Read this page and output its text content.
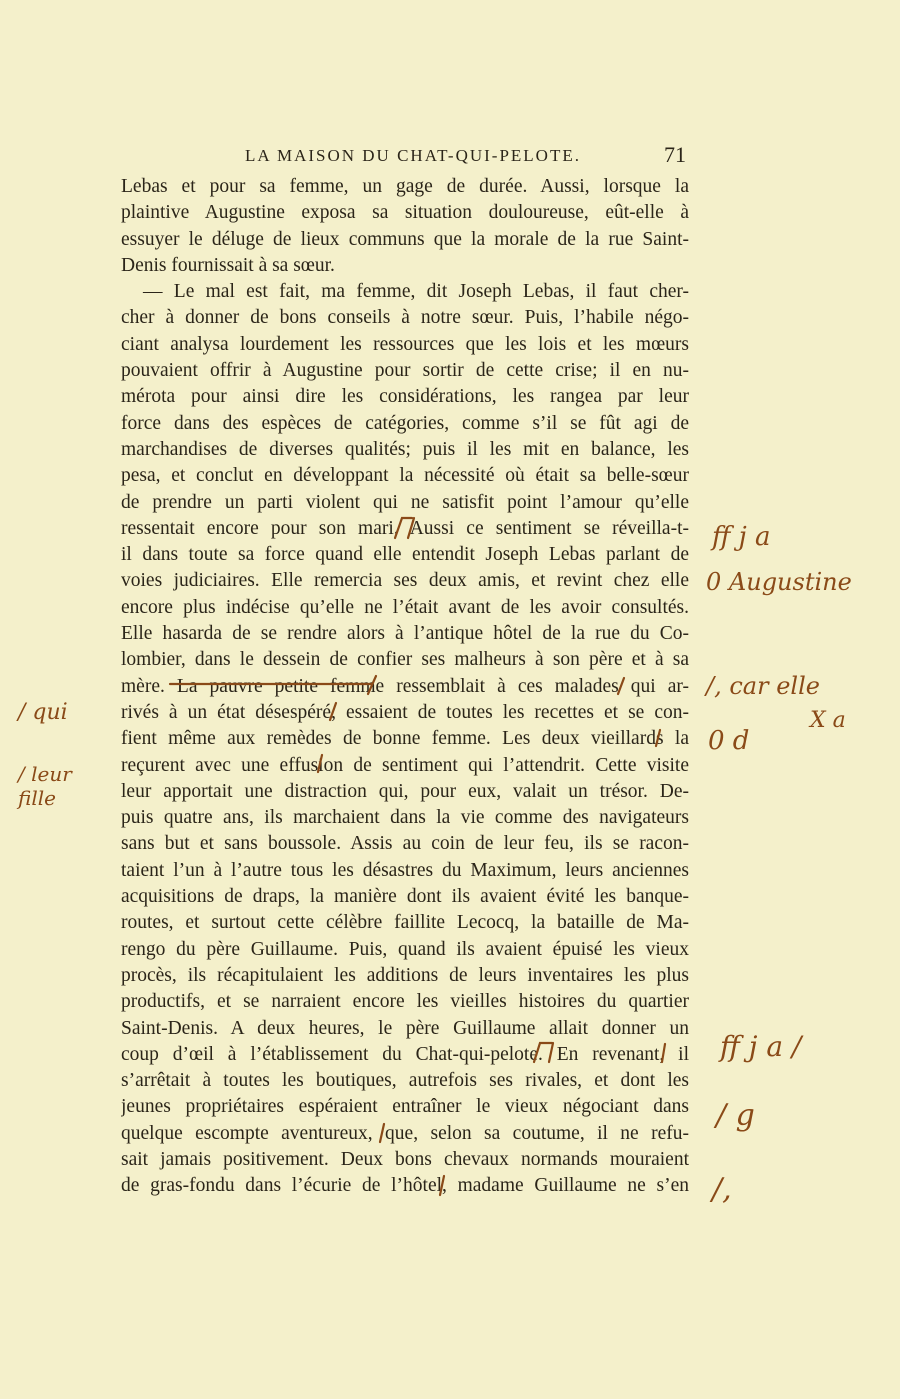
LA MAISON DU CHAT-QUI-PELOTE.	71
Lebas et pour sa femme, un gage de durée. Aussi, lorsque la
plaintive Augustine exposa sa situation douloureuse, eût-elle à
essuyer le déluge de lieux communs que la morale de la rue Saint-
Denis fournissait à sa sœur.
— Le mal est fait, ma femme, dit Joseph Lebas, il faut cher-
cher à donner de bons conseils à notre sœur. Puis, l’habile négo-
ciant analysa lourdement les ressources que les lois et les mœurs
pouvaient offrir à Augustine pour sortir de cette crise; il en nu-
mérota pour ainsi dire les considérations, les rangea par leur
force dans des espèces de catégories, comme s’il se fût agi de
marchandises de diverses qualités; puis il les mit en balance, les
pesa, et conclut en développant la nécessité où était sa belle-sœur
de prendre un parti violent qui ne satisfit point l’amour qu’elle
ressentait encore pour son mari. Aussi ce sentiment se réveilla-t-
il dans toute sa force quand elle entendit Joseph Lebas parlant de
voies judiciaires. Elle remercia ses deux amis, et revint chez elle
encore plus indécise qu’elle ne l’était avant de les avoir consultés.
Elle hasarda de se rendre alors à l’antique hôtel de la rue du Co-
lombier, dans le dessein de confier ses malheurs à son père et à sa
mère. La pauvre petite femme ressemblait à ces malades qui ar-
rivés à un état désespéré, essaient de toutes les recettes et se con-
fient même aux remèdes de bonne femme. Les deux vieillards la
reçurent avec une effusion de sentiment qui l’attendrit. Cette visite
leur apportait une distraction qui, pour eux, valait un trésor. De-
puis quatre ans, ils marchaient dans la vie comme des navigateurs
sans but et sans boussole. Assis au coin de leur feu, ils se racon-
taient l’un à l’autre tous les désastres du Maximum, leurs anciennes
acquisitions de draps, la manière dont ils avaient évité les banque-
routes, et surtout cette célèbre faillite Lecocq, la bataille de Ma-
rengo du père Guillaume. Puis, quand ils avaient épuisé les vieux
procès, ils récapitulaient les additions de leurs inventaires les plus
productifs, et se narraient encore les vieilles histoires du quartier
Saint-Denis. A deux heures, le père Guillaume allait donner un
coup d’œil à l’établissement du Chat-qui-pelote. En revenant, il
s’arrêtait à toutes les boutiques, autrefois ses rivales, et dont les
jeunes propriétaires espéraient entraîner le vieux négociant dans
quelque escompte aventureux, que, selon sa coutume, il ne refu-
sait jamais positivement. Deux bons chevaux normands mouraient
de gras-fondu dans l’écurie de l’hôtel, madame Guillaume ne s’en
ff j a
0 Augustine
/, car elle
X a
0 d
/ qui
/ leur fille
ff j a /
/ g
/,
